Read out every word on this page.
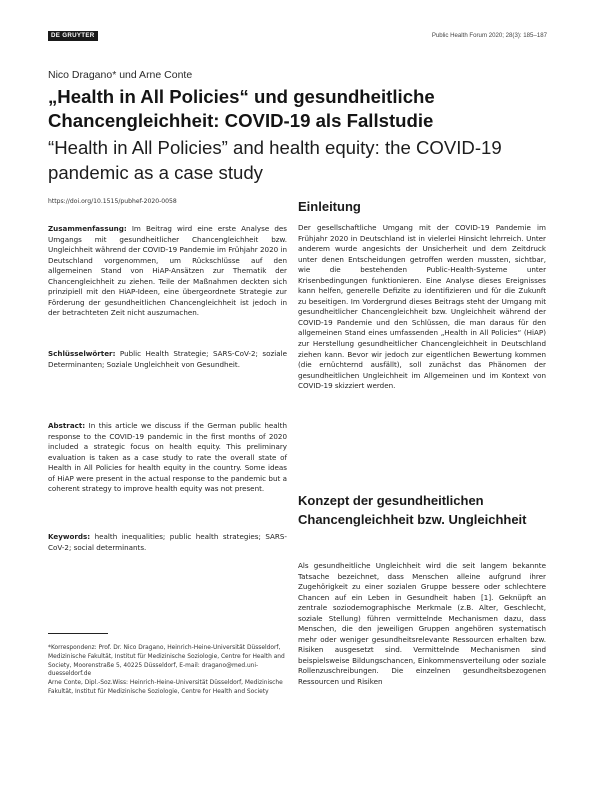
DE GRUYTER	Public Health Forum 2020; 28(3): 185–187
Nico Dragano* und Arne Conte
„Health in All Policies“ und gesundheitliche Chancengleichheit: COVID-19 als Fallstudie
“Health in All Policies” and health equity: the COVID-19 pandemic as a case study
https://doi.org/10.1515/pubhef-2020-0058

Zusammenfassung: Im Beitrag wird eine erste Analyse des Umgangs mit gesundheitlicher Chancengleichheit bzw. Ungleichheit während der COVID-19 Pandemie im Frühjahr 2020 in Deutschland vorgenommen, um Rückschlüsse auf den allgemeinen Stand von HiAP-Ansätzen zur Thematik der Chancengleichheit zu ziehen. Teile der Maßnahmen deckten sich prinzipiell mit den HiAP-Ideen, eine übergeordnete Strategie zur Förderung der gesundheitlichen Chancengleichheit ist jedoch in der betrachteten Zeit nicht auszumachen.

Schlüsselwörter: Public Health Strategie; SARS-CoV-2; soziale Determinanten; Soziale Ungleichheit von Gesundheit.

Abstract: In this article we discuss if the German public health response to the COVID-19 pandemic in the first months of 2020 included a strategic focus on health equity. This preliminary evaluation is taken as a case study to rate the overall state of Health in All Policies for health equity in the country. Some ideas of HiAP were present in the actual response to the pandemic but a coherent strategy to improve health equity was not present.

Keywords: health inequalities; public health strategies; SARS-CoV-2; social determinants.

*Korrespondenz: Prof. Dr. Nico Dragano, Heinrich-Heine-Universität Düsseldorf, Medizinische Fakultät, Institut für Medizinische Soziologie, Centre for Health and Society, Moorenstraße 5, 40225 Düsseldorf, E-mail: dragano@med.uni-duesseldorf.de

Arne Conte, Dipl.-Soz.Wiss: Heinrich-Heine-Universität Düsseldorf, Medizinische Fakultät, Institut für Medizinische Soziologie, Centre for Health and Society

Einleitung

Der gesellschaftliche Umgang mit der COVID-19 Pandemie im Frühjahr 2020 in Deutschland ist in vielerlei Hinsicht lehrreich. Unter anderem wurde angesichts der Unsicherheit und dem Zeitdruck unter denen Entscheidungen getroffen werden mussten, sichtbar, wie die bestehenden Public-Health-Systeme unter Krisenbedingungen funktionieren. Eine Analyse dieses Ereignisses kann helfen, generelle Defizite zu identifizieren und für die Zukunft zu beseitigen. Im Vordergrund dieses Beitrags steht der Umgang mit gesundheitlicher Chancengleichheit bzw. Ungleichheit während der COVID-19 Pandemie und den Schlüssen, die man daraus für den allgemeinen Stand eines umfassenden „Health in All Policies“ (HiAP) zur Herstellung gesundheitlicher Chancengleichheit in Deutschland ziehen kann. Bevor wir jedoch zur eigentlichen Bewertung kommen (die ernüchternd ausfällt), soll zunächst das Phänomen der gesundheitlichen Ungleichheit im Allgemeinen und im Kontext von COVID-19 skizziert werden.

Konzept der gesundheitlichen Chancengleichheit bzw. Ungleichheit

Als gesundheitliche Ungleichheit wird die seit langem bekannte Tatsache bezeichnet, dass Menschen alleine aufgrund ihrer Zugehörigkeit zu einer sozialen Gruppe bessere oder schlechtere Chancen auf ein Leben in Gesundheit haben [1]. Geknüpft an zentrale soziodemographische Merkmale (z.B. Alter, Geschlecht, soziale Stellung) führen vermittelnde Mechanismen dazu, dass Menschen, die den jeweiligen Gruppen angehören systematisch mehr oder weniger gesundheitsrelevante Ressourcen erhalten bzw. Risiken ausgesetzt sind. Vermittelnde Mechanismen sind beispielsweise Bildungschancen, Einkommensverteilung oder soziale Rollenzuschreibungen. Die einzelnen gesundheitsbezogenen Ressourcen und Risiken
